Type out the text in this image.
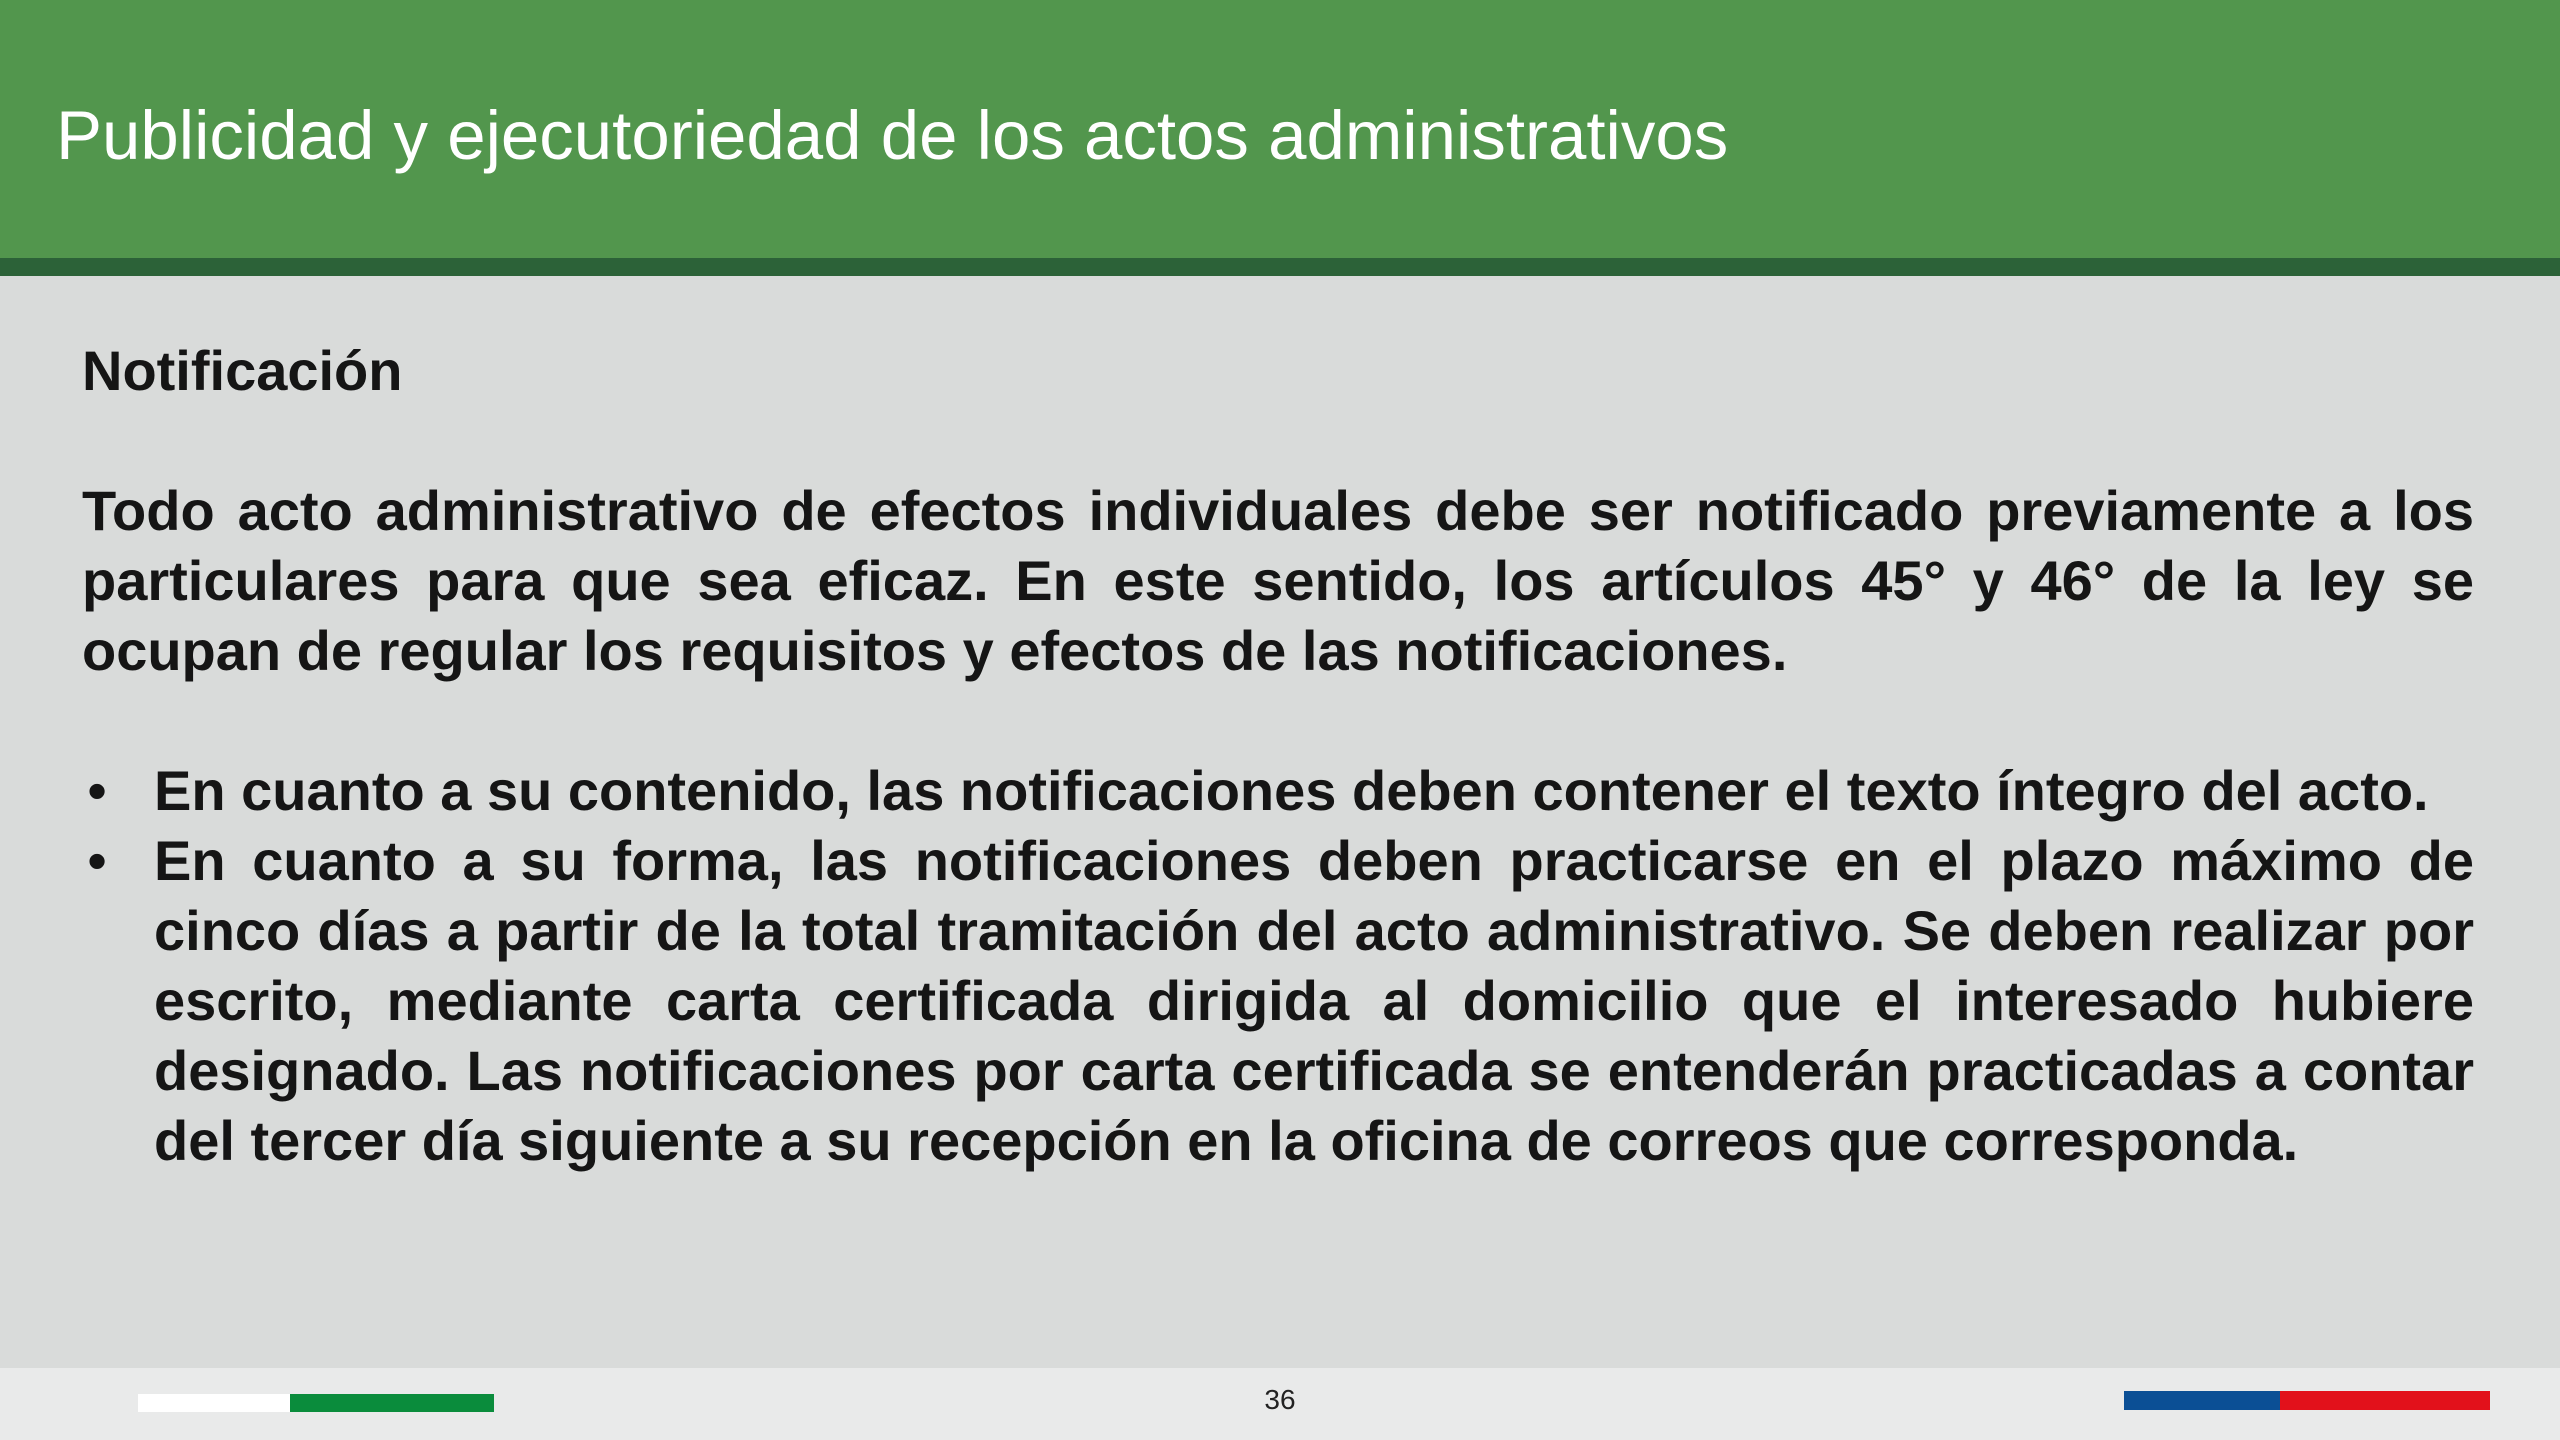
Publicidad y ejecutoriedad de los actos administrativos
Notificación

Todo acto administrativo de efectos individuales debe ser notificado previamente a los particulares para que sea eficaz. En este sentido, los artículos 45° y 46° de la ley se ocupan de regular los requisitos y efectos de las notificaciones.

• En cuanto a su contenido, las notificaciones deben contener el texto íntegro del acto.
• En cuanto a su forma, las notificaciones deben practicarse en el plazo máximo de cinco días a partir de la total tramitación del acto administrativo. Se deben realizar por escrito, mediante carta certificada dirigida al domicilio que el interesado hubiere designado. Las notificaciones por carta certificada se entenderán practicadas a contar del tercer día siguiente a su recepción en la oficina de correos que corresponda.
36
